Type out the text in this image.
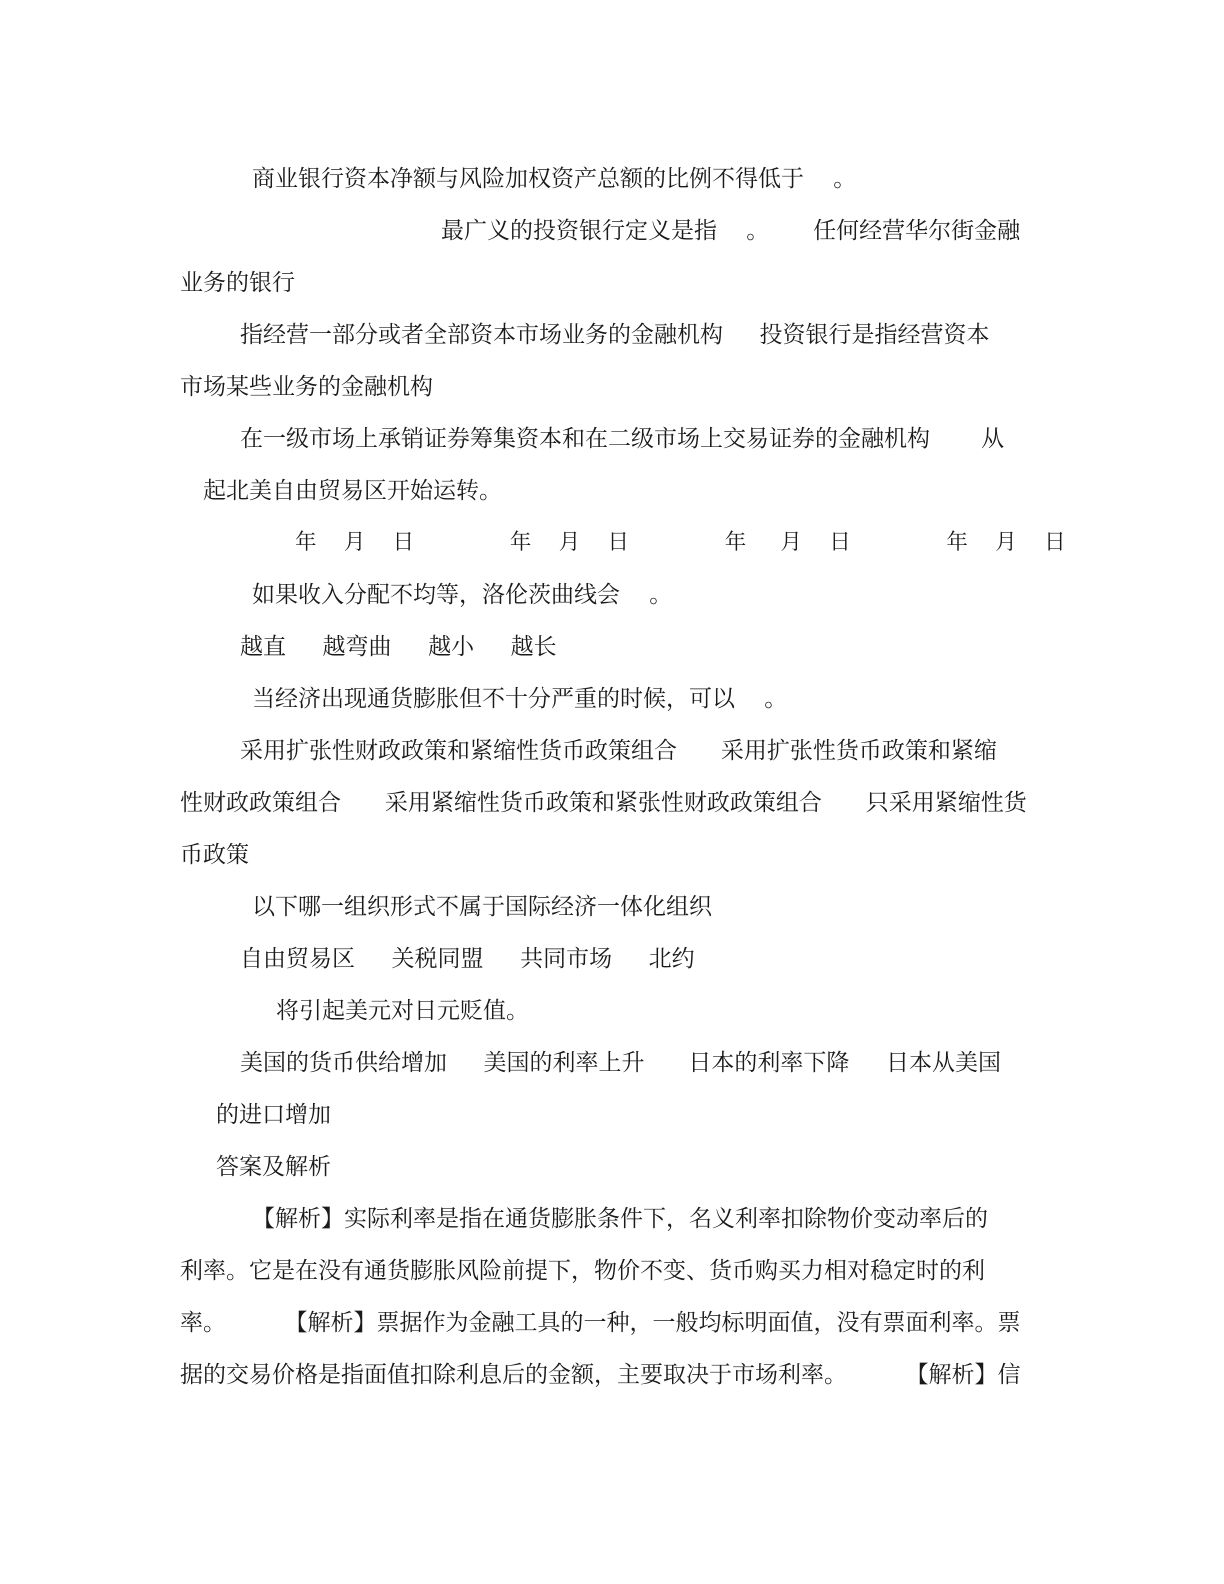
商业银行资本净额与风险加权资产总额的比例不得低于    。

最广义的投资银行定义是指    。      任何经营华尔街金融

业务的银行

指经营一部分或者全部资本市场业务的金融机构     投资银行是指经营资本

市场某些业务的金融机构

在一级市场上承销证券筹集资本和在二级市场上交易证券的金融机构       从

起北美自由贸易区开始运转。

年    月    日              年    月    日              年     月    日              年    月    日

如果收入分配不均等，洛伦茨曲线会    。

越直     越弯曲     越小     越长

当经济出现通货膨胀但不十分严重的时候，可以    。

采用扩张性财政政策和紧缩性货币政策组合      采用扩张性货币政策和紧缩

性财政政策组合      采用紧缩性货币政策和紧张性财政政策组合      只采用紧缩性货

币政策

以下哪一组织形式不属于国际经济一体化组织

自由贸易区     关税同盟     共同市场     北约

将引起美元对日元贬值。

美国的货币供给增加     美国的利率上升      日本的利率下降     日本从美国

的进口增加

答案及解析

【解析】实际利率是指在通货膨胀条件下，名义利率扣除物价变动率后的

利率。它是在没有通货膨胀风险前提下，物价不变、货币购买力相对稳定时的利

率。        【解析】票据作为金融工具的一种，一般均标明面值，没有票面利率。票

据的交易价格是指面值扣除利息后的金额，主要取决于市场利率。        【解析】信
